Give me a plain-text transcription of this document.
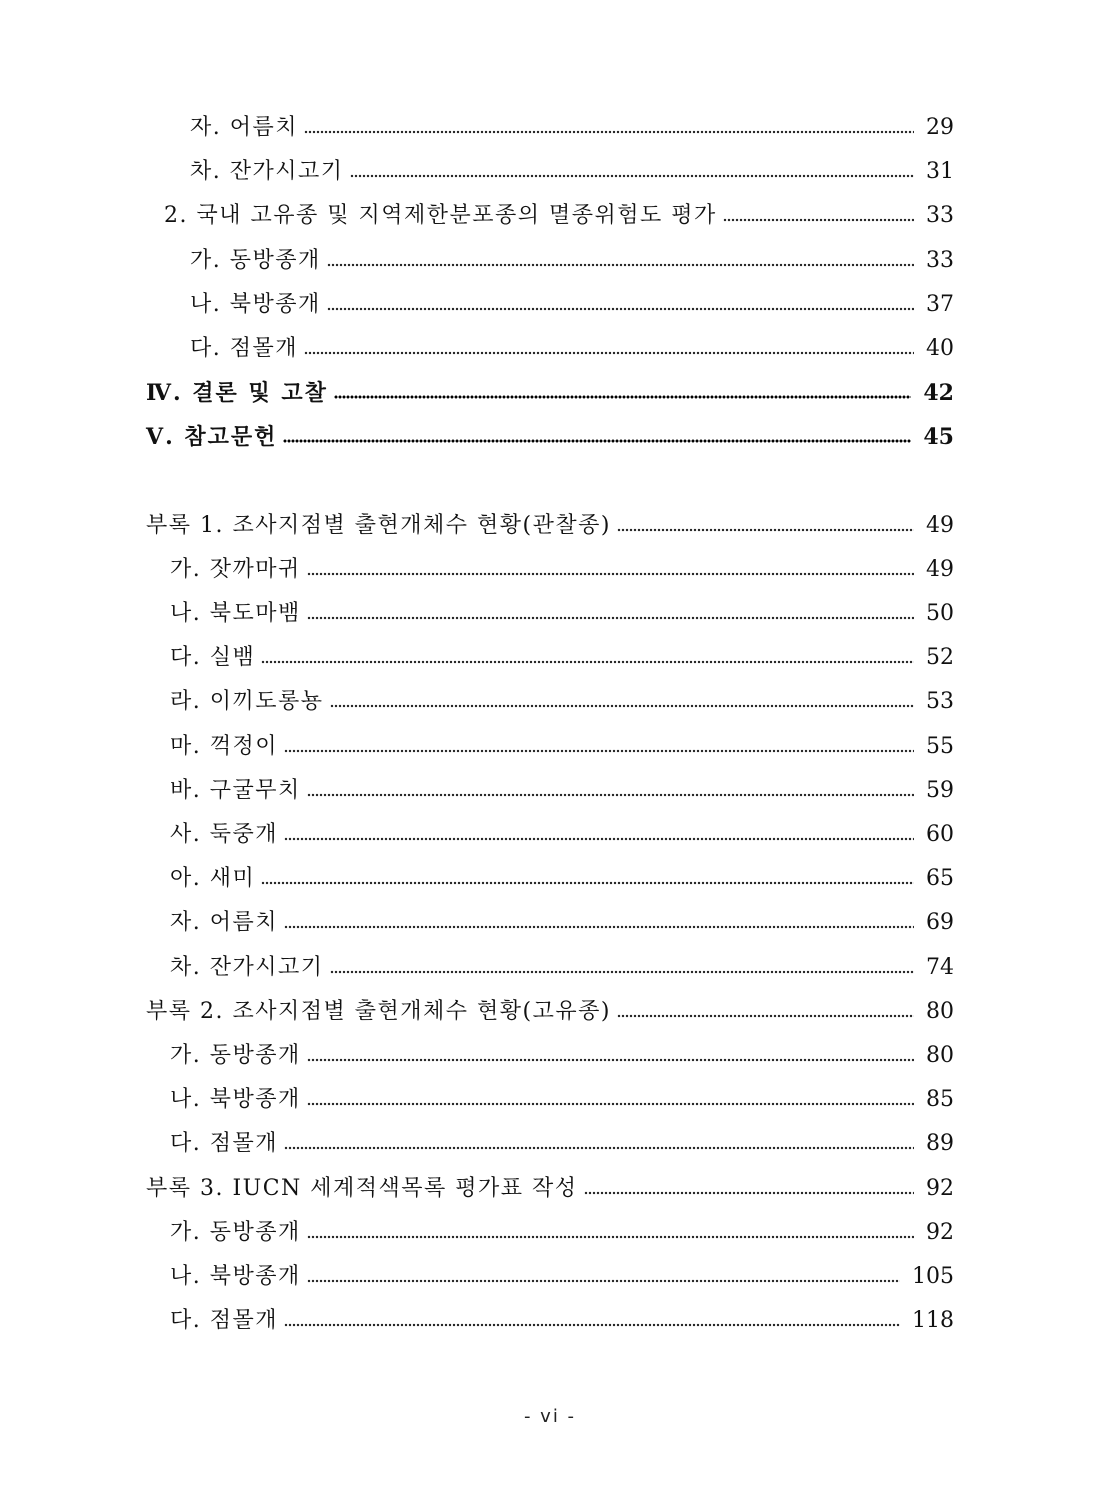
자. 어름치	29
차. 잔가시고기	31
2. 국내 고유종 및 지역제한분포종의 멸종위험도 평가	33
가. 동방종개	33
나. 북방종개	37
다. 점몰개	40
Ⅳ. 결론 및 고찰	42
Ⅴ. 참고문헌	45
부록 1. 조사지점별 출현개체수 현황(관찰종)	49
가. 잣까마귀	49
나. 북도마뱀	50
다. 실뱀	52
라. 이끼도롱뇽	53
마. 꺽정이	55
바. 구굴무치	59
사. 둑중개	60
아. 새미	65
자. 어름치	69
차. 잔가시고기	74
부록 2. 조사지점별 출현개체수 현황(고유종)	80
가. 동방종개	80
나. 북방종개	85
다. 점몰개	89
부록 3. IUCN 세계적색목록 평가표 작성	92
가. 동방종개	92
나. 북방종개	105
다. 점몰개	118
- vi -
